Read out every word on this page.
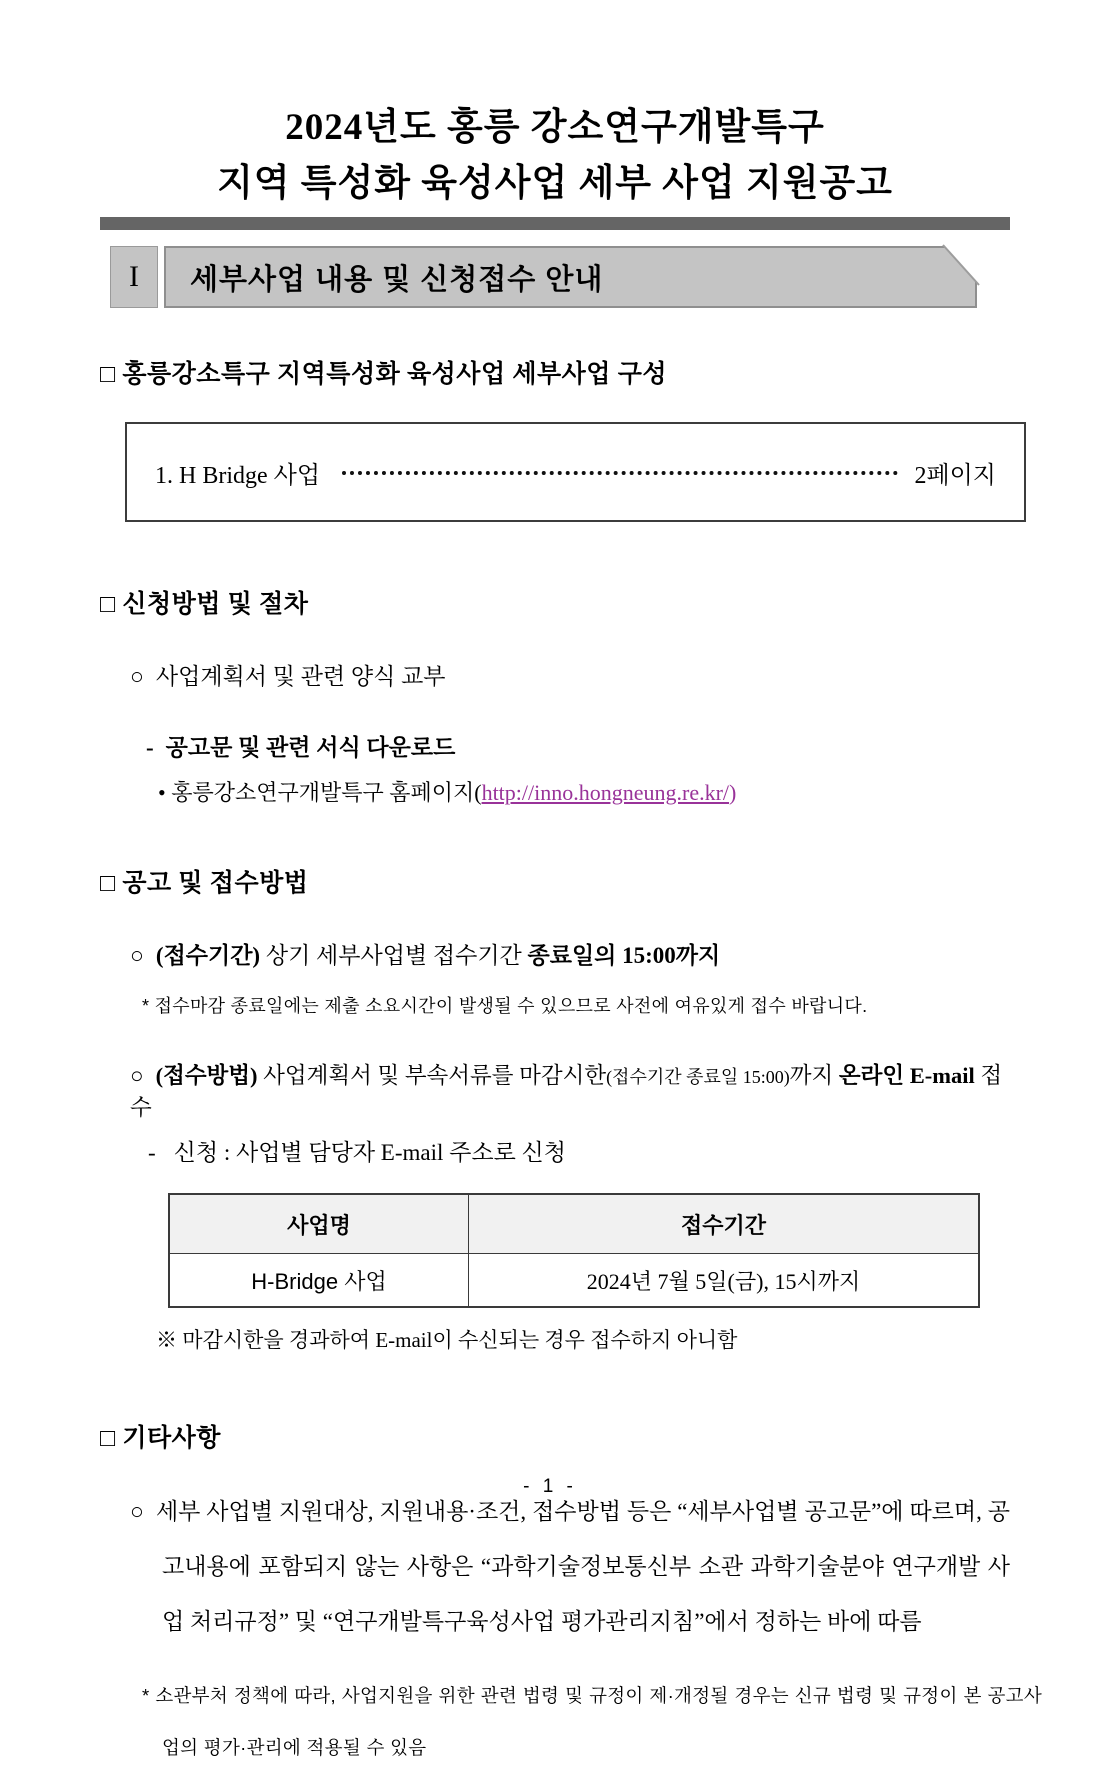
2024년도 홍릉 강소연구개발특구
지역 특성화 육성사업 세부 사업 지원공고
I	세부사업 내용 및 신청접수 안내
□ 홍릉강소특구 지역특성화 육성사업 세부사업 구성
1. H Bridge 사업	2페이지
□ 신청방법 및 절차
○ 사업계획서 및 관련 양식 교부
- 공고문 및 관련 서식 다운로드
• 홍릉강소연구개발특구 홈페이지(http://inno.hongneung.re.kr/)
□ 공고 및 접수방법
○ (접수기간) 상기 세부사업별 접수기간 종료일의 15:00까지
* 접수마감 종료일에는 제출 소요시간이 발생될 수 있으므로 사전에 여유있게 접수 바랍니다.
○ (접수방법) 사업계획서 및 부속서류를 마감시한(접수기간 종료일 15:00)까지 온라인 E-mail 접수
- 신청 : 사업별 담당자 E-mail 주소로 신청
사업명	접수기간
H-Bridge 사업	2024년 7월 5일(금), 15시까지
※ 마감시한을 경과하여 E-mail이 수신되는 경우 접수하지 아니함
□ 기타사항
○ 세부 사업별 지원대상, 지원내용·조건, 접수방법 등은 “세부사업별 공고문”에 따르며, 공고내용에 포함되지 않는 사항은 “과학기술정보통신부 소관 과학기술분야 연구개발 사업 처리규정” 및 “연구개발특구육성사업 평가관리지침”에서 정하는 바에 따름
* 소관부처 정책에 따라, 사업지원을 위한 관련 법령 및 규정이 제·개정될 경우는 신규 법령 및 규정이 본 공고사업의 평가·관리에 적용될 수 있음
- 1 -
